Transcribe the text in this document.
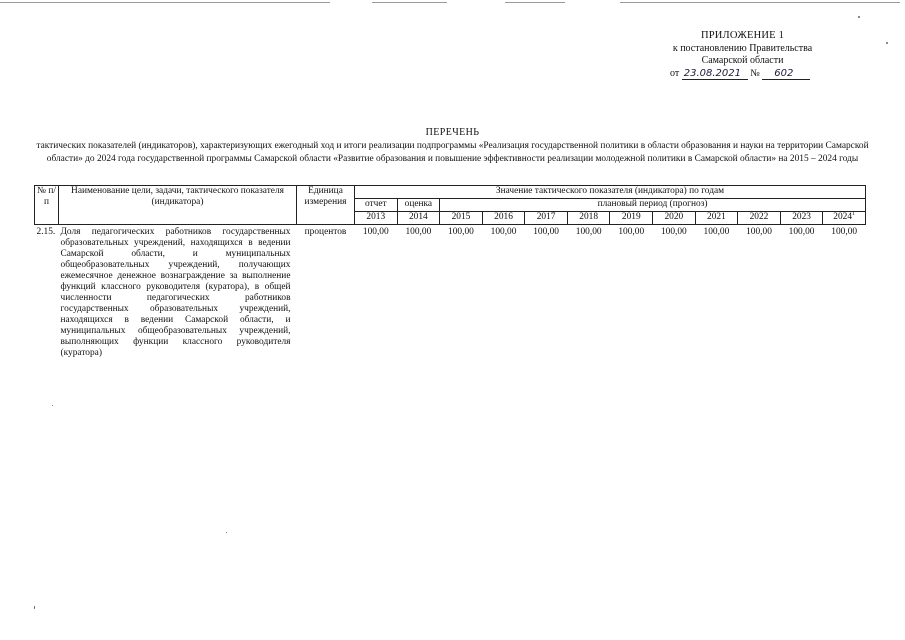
ПРИЛОЖЕНИЕ 1
к постановлению Правительства
Самарской области
от 23.08.2021 № 602
ПЕРЕЧЕНЬ
тактических показателей (индикаторов), характеризующих ежегодный ход и итоги реализации подпрограммы «Реализация государственной политики в области образования и науки на территории Самарской области» до 2024 года государственной программы Самарской области «Развитие образования и повышение эффективности реализации молодежной политики в Самарской области» на 2015 – 2024 годы
№ п/п	Наименование цели, задачи, тактического показателя (индикатора)	Единица измерения	Значение тактического показателя (индикатора) по годам											
			отчет	оценка	плановый период (прогноз)									
			2013	2014	2015	2016	2017	2018	2019	2020	2021	2022	2023	2024$^1$
2.15.	Доля педагогических работников государственных образовательных учреждений, находящихся в ведении Самарской области, и муниципальных общеобразовательных учреждений, получающих ежемесячное денежное вознаграждение за выполнение функций классного руководителя (куратора), в общей численности педагогических работников государственных образовательных учреждений, находящихся в ведении Самарской области, и муниципальных общеобразовательных учреждений, выполняющих функции классного руководителя (куратора)	процентов	100,00	100,00	100,00	100,00	100,00	100,00	100,00	100,00	100,00	100,00	100,00	100,00
